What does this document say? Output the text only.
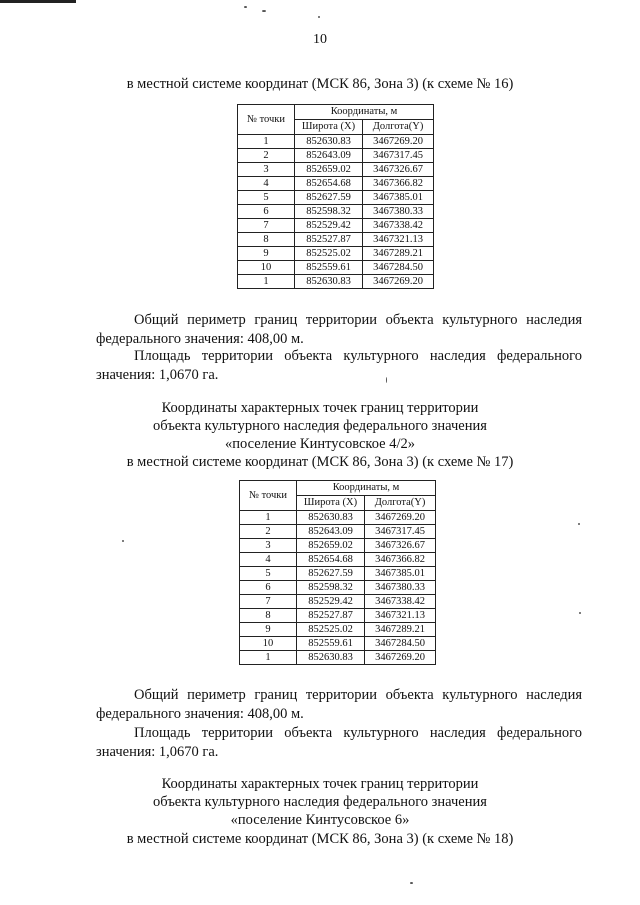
10
в местной системе координат (МСК 86, Зона 3) (к схеме № 16)
№ точки	Координаты, м	
	Широта (X)	Долгота(Y)
1	852630.83	3467269.20
2	852643.09	3467317.45
3	852659.02	3467326.67
4	852654.68	3467366.82
5	852627.59	3467385.01
6	852598.32	3467380.33
7	852529.42	3467338.42
8	852527.87	3467321.13
9	852525.02	3467289.21
10	852559.61	3467284.50
1	852630.83	3467269.20
Общий периметр границ территории объекта культурного наследия федерального значения: 408,00 м.
Площадь территории объекта культурного наследия федерального значения: 1,0670 га.
Координаты характерных точек границ территории
объекта культурного наследия федерального значения
«поселение Кинтусовское 4/2»
в местной системе координат (МСК 86, Зона 3) (к схеме № 17)
№ точки	Координаты, м	
	Широта (X)	Долгота(Y)
1	852630.83	3467269.20
2	852643.09	3467317.45
3	852659.02	3467326.67
4	852654.68	3467366.82
5	852627.59	3467385.01
6	852598.32	3467380.33
7	852529.42	3467338.42
8	852527.87	3467321.13
9	852525.02	3467289.21
10	852559.61	3467284.50
1	852630.83	3467269.20
Общий периметр границ территории объекта культурного наследия федерального значения: 408,00 м.
Площадь территории объекта культурного наследия федерального значения: 1,0670 га.
Координаты характерных точек границ территории
объекта культурного наследия федерального значения
«поселение Кинтусовское 6»
в местной системе координат (МСК 86, Зона 3) (к схеме № 18)
